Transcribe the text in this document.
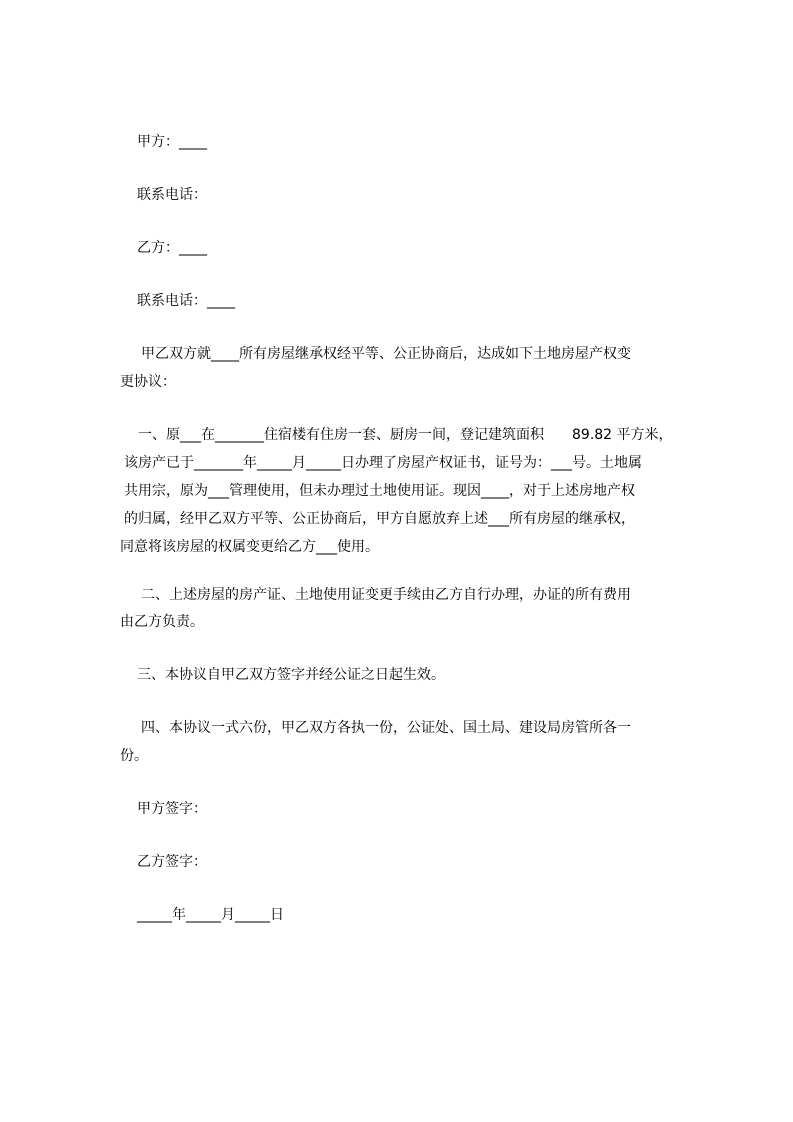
甲方：____
联系电话：
乙方：____
联系电话：____
甲乙双方就____所有房屋继承权经平等、公正协商后，达成如下土地房屋产权变
更协议：
一、原___在_______住宿楼有住房一套、厨房一间，登记建筑面积　　89.82 平方米，
该房产已于_______年_____月_____日办理了房屋产权证书，证号为：___号。土地属
共用宗，原为___管理使用，但未办理过土地使用证。现因____，对于上述房地产权
的归属，经甲乙双方平等、公正协商后，甲方自愿放弃上述___所有房屋的继承权，
同意将该房屋的权属变更给乙方___使用。
二、上述房屋的房产证、土地使用证变更手续由乙方自行办理，办证的所有费用
由乙方负责。
三、本协议自甲乙双方签字并经公证之日起生效。
四、本协议一式六份，甲乙双方各执一份，公证处、国土局、建设局房管所各一
份。
甲方签字：
乙方签字：
_____年_____月_____日
